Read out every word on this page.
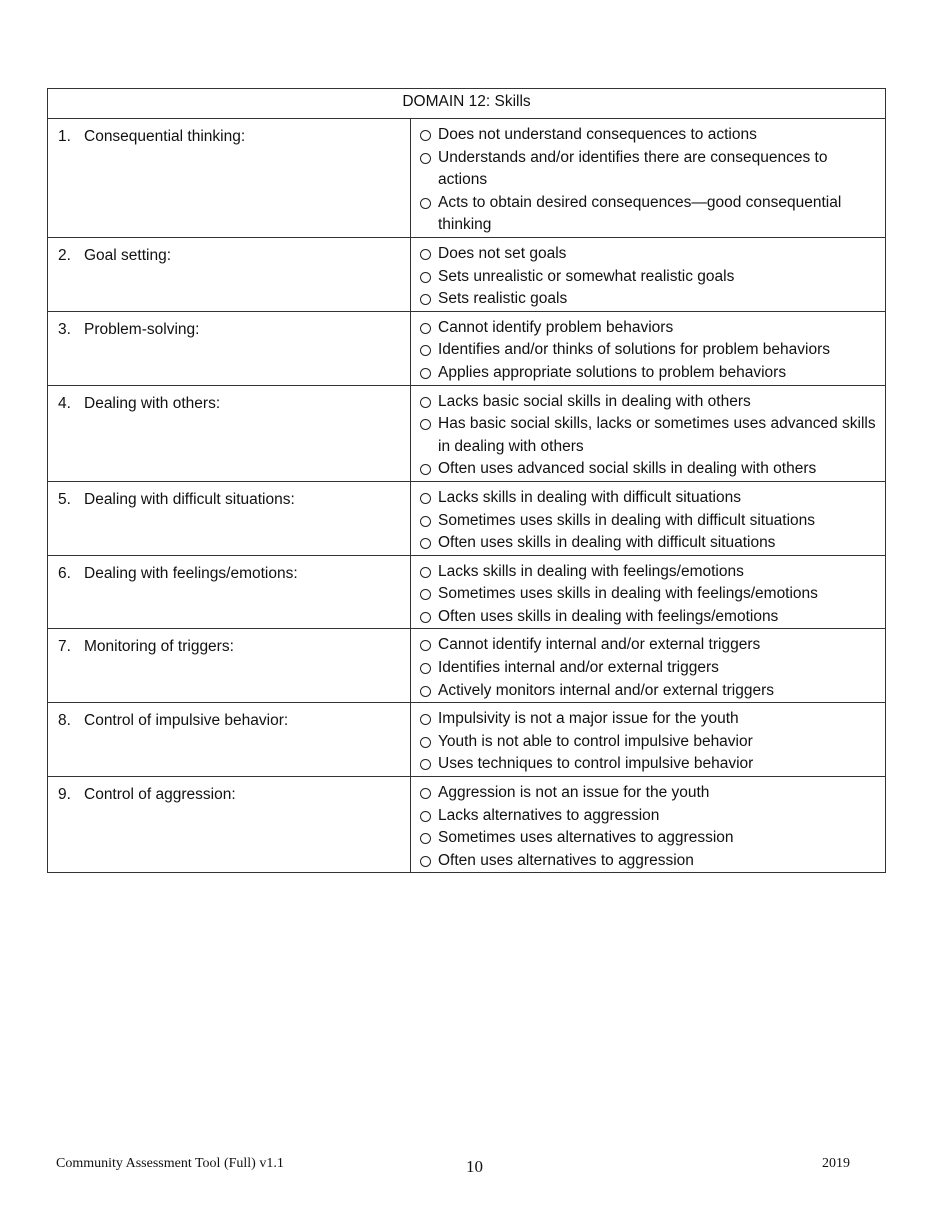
DOMAIN 12: Skills	
1. Consequential thinking:	Does not understand consequences to actions
Understands and/or identifies there are consequences to actions
Acts to obtain desired consequences—good consequential thinking

2. Goal setting:	Does not set goals
Sets unrealistic or somewhat realistic goals
Sets realistic goals

3. Problem-solving:	Cannot identify problem behaviors
Identifies and/or thinks of solutions for problem behaviors
Applies appropriate solutions to problem behaviors

4. Dealing with others:	Lacks basic social skills in dealing with others
Has basic social skills, lacks or sometimes uses advanced skills in dealing with others
Often uses advanced social skills in dealing with others

5. Dealing with difficult situations:	Lacks skills in dealing with difficult situations
Sometimes uses skills in dealing with difficult situations
Often uses skills in dealing with difficult situations

6. Dealing with feelings/emotions:	Lacks skills in dealing with feelings/emotions
Sometimes uses skills in dealing with feelings/emotions
Often uses skills in dealing with feelings/emotions

7. Monitoring of triggers:	Cannot identify internal and/or external triggers
Identifies internal and/or external triggers
Actively monitors internal and/or external triggers

8. Control of impulsive behavior:	Impulsivity is not a major issue for the youth
Youth is not able to control impulsive behavior
Uses techniques to control impulsive behavior

9. Control of aggression:	Aggression is not an issue for the youth
Lacks alternatives to aggression
Sometimes uses alternatives to aggression
Often uses alternatives to aggression
Community Assessment Tool (Full) v1.1	10	2019
